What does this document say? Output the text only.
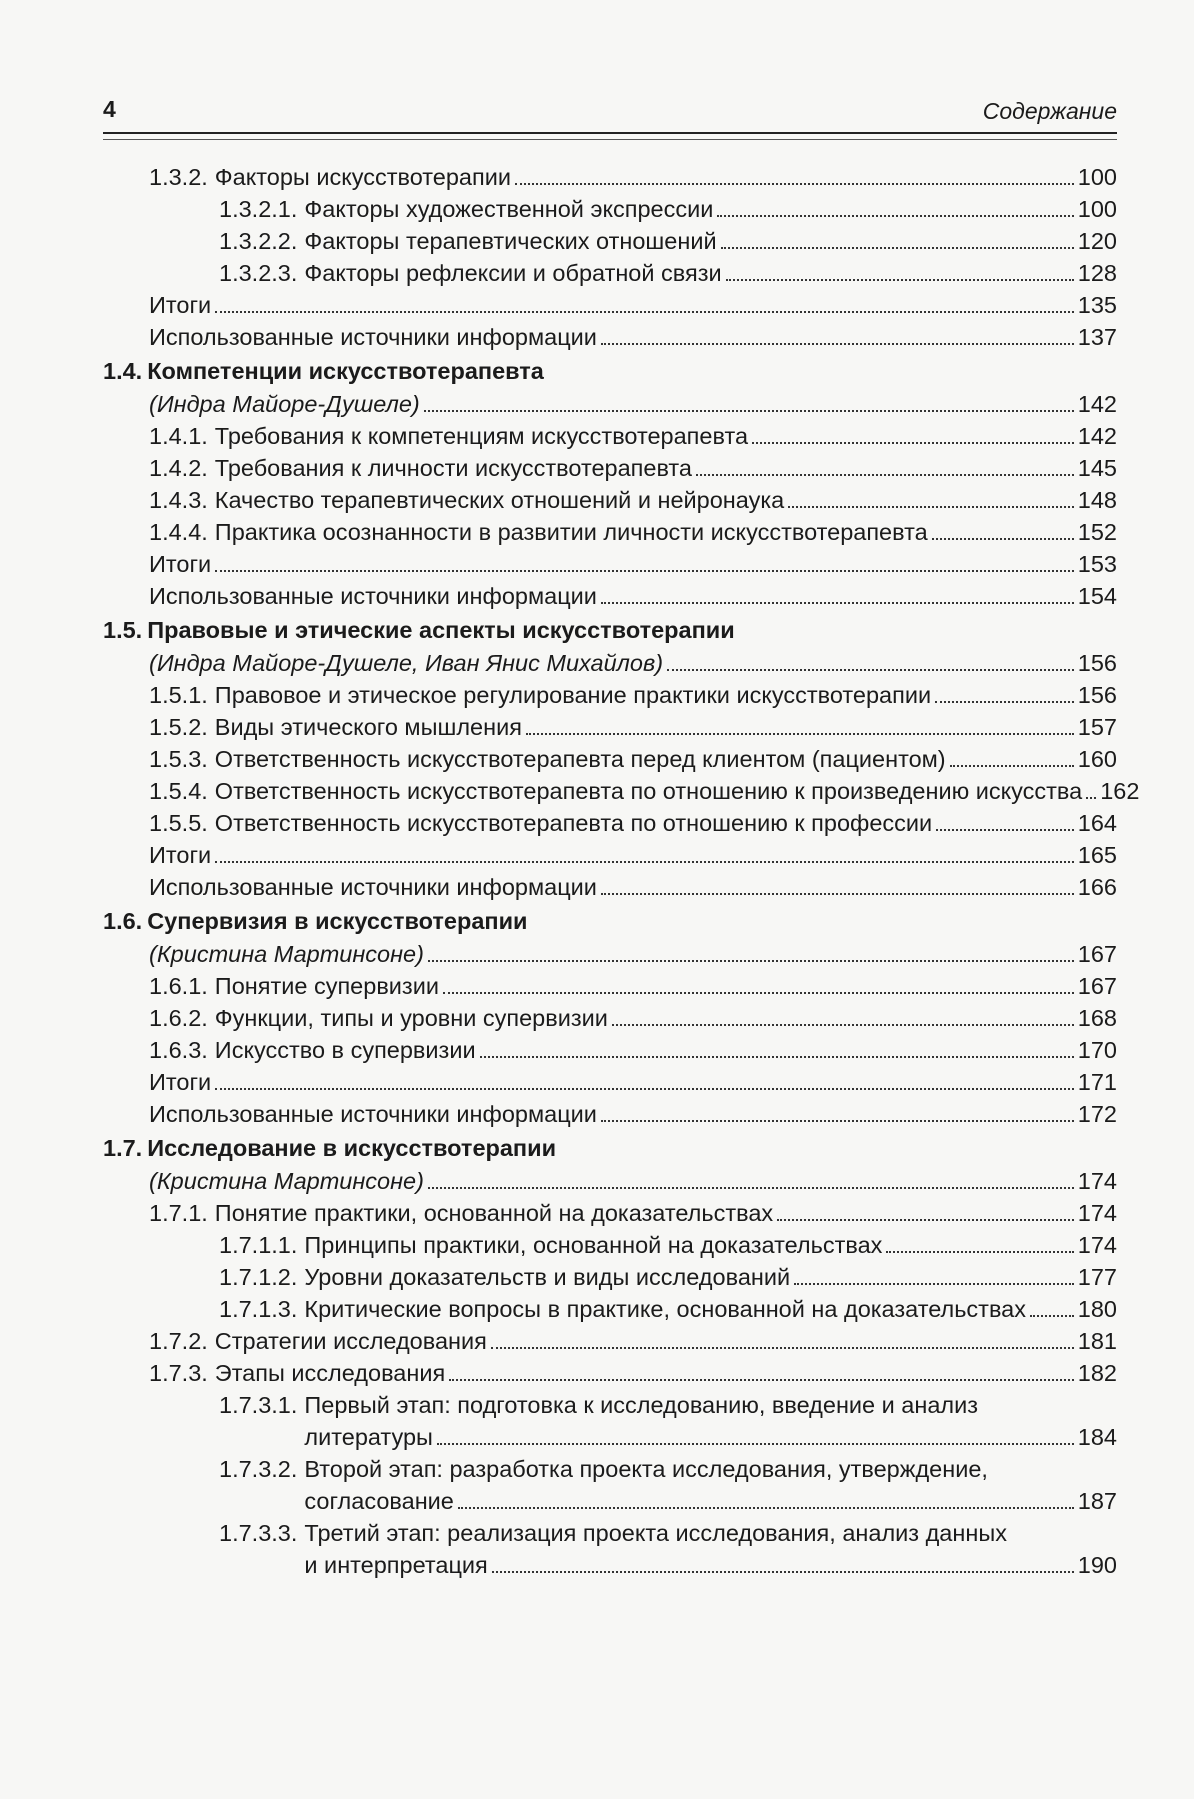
4	Содержание
1.3.2. Факторы искусствотерапии	100
1.3.2.1. Факторы художественной экспрессии	100
1.3.2.2. Факторы терапевтических отношений	120
1.3.2.3. Факторы рефлексии и обратной связи	128
Итоги	135
Использованные источники информации	137
1.4. Компетенции искусствотерапевта
(Индра Майоре-Душеле)	142
1.4.1. Требования к компетенциям искусствотерапевта	142
1.4.2. Требования к личности искусствотерапевта	145
1.4.3. Качество терапевтических отношений и нейронаука	148
1.4.4. Практика осознанности в развитии личности искусствотерапевта	152
Итоги	153
Использованные источники информации	154
1.5. Правовые и этические аспекты искусствотерапии
(Индра Майоре-Душеле, Иван Янис Михайлов)	156
1.5.1. Правовое и этическое регулирование практики искусствотерапии	156
1.5.2. Виды этического мышления	157
1.5.3. Ответственность искусствотерапевта перед клиентом (пациентом)	160
1.5.4. Ответственность искусствотерапевта по отношению к произведению искусства 162
1.5.5. Ответственность искусствотерапевта по отношению к профессии	164
Итоги	165
Использованные источники информации	166
1.6. Супервизия в искусствотерапии
(Кристина Мартинсоне)	167
1.6.1. Понятие супервизии	167
1.6.2. Функции, типы и уровни супервизии	168
1.6.3. Искусство в супервизии	170
Итоги	171
Использованные источники информации	172
1.7. Исследование в искусствотерапии
(Кристина Мартинсоне)	174
1.7.1. Понятие практики, основанной на доказательствах	174
1.7.1.1. Принципы практики, основанной на доказательствах	174
1.7.1.2. Уровни доказательств и виды исследований	177
1.7.1.3. Критические вопросы в практике, основанной на доказательствах 180
1.7.2. Стратегии исследования	181
1.7.3. Этапы исследования	182
1.7.3.1. Первый этап: подготовка к исследованию, введение и анализ
литературы	184
1.7.3.2. Второй этап: разработка проекта исследования, утверждение,
согласование	187
1.7.3.3. Третий этап: реализация проекта исследования, анализ данных
и интерпретация	190
